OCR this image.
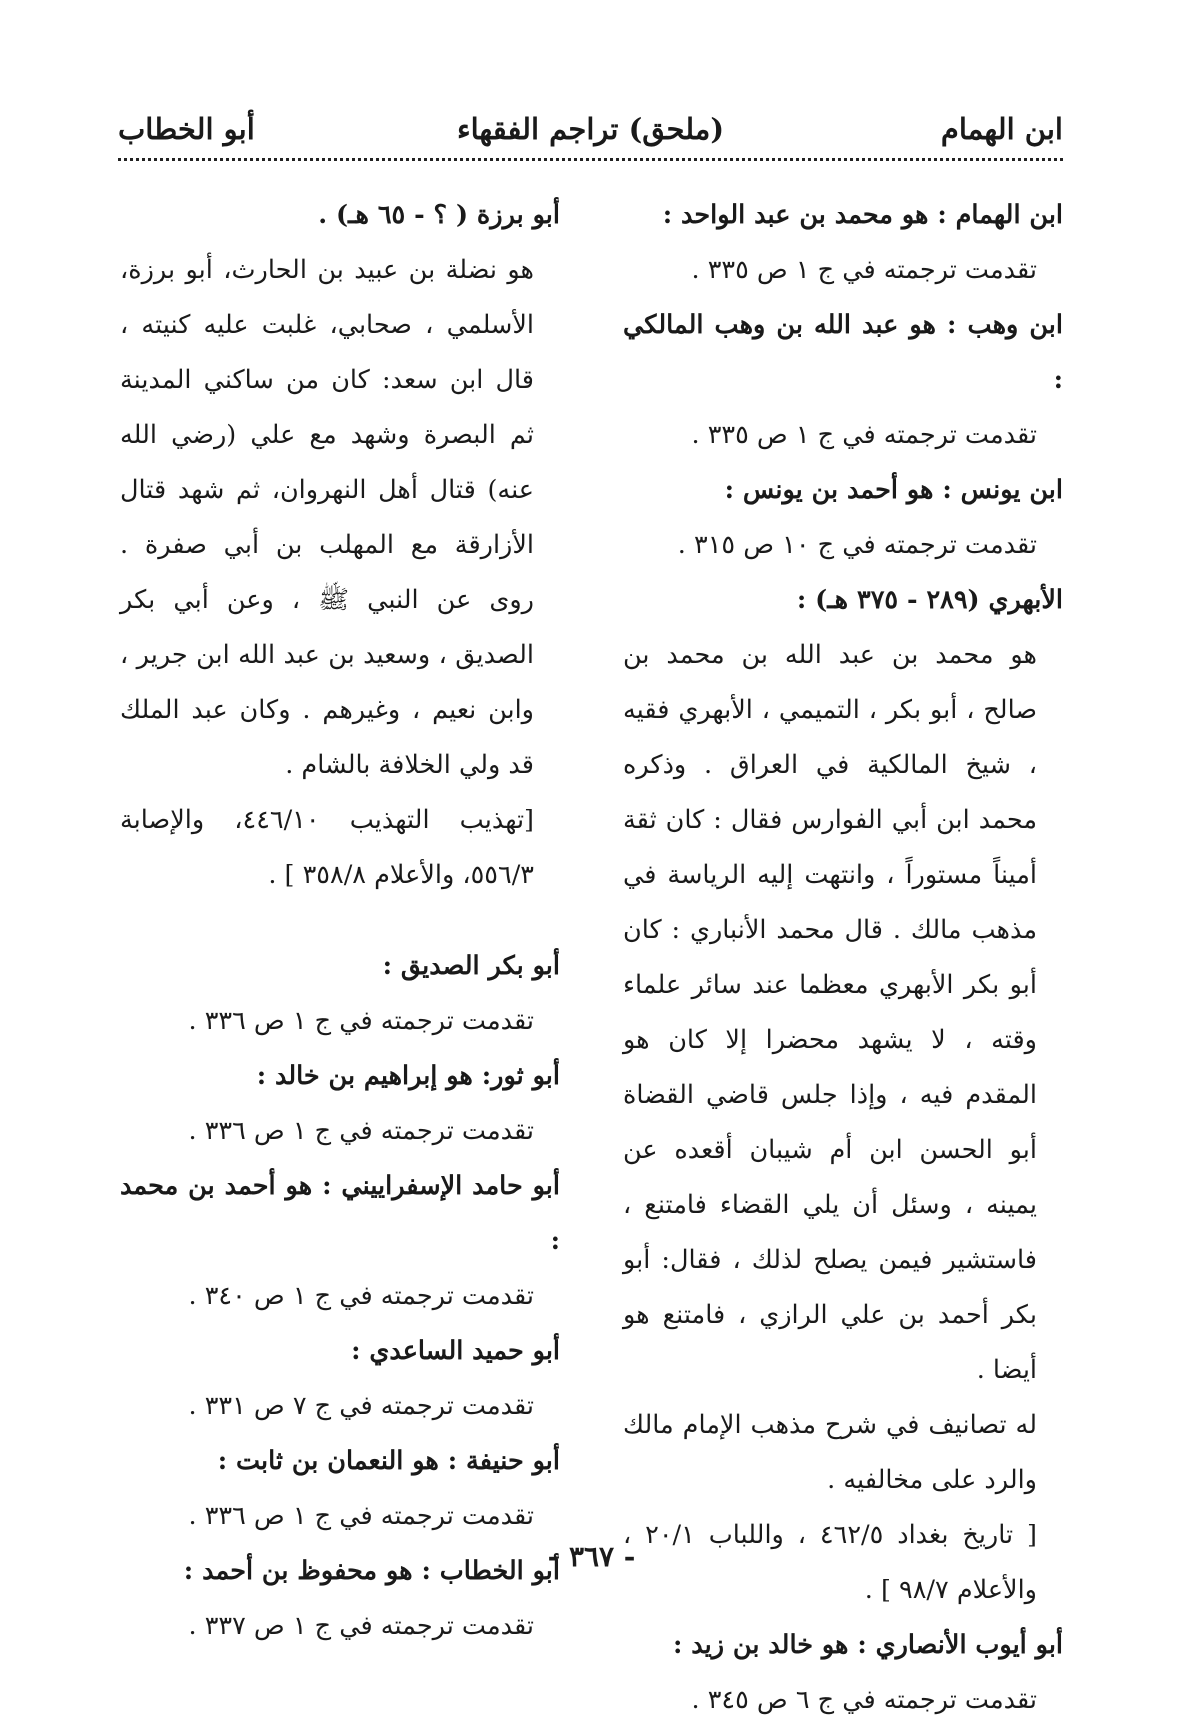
ابن الهمام
(ملحق) تراجم الفقهاء
أبو الخطاب

ابن الهمام : هو محمد بن عبد الواحد :

تقدمت ترجمته في ج ١ ص ٣٣٥ .

ابن وهب : هو عبد الله بن وهب المالكي :

تقدمت ترجمته في ج ١ ص ٣٣٥ .

ابن يونس : هو أحمد بن يونس :

تقدمت ترجمته في ج ١٠ ص ٣١٥ .

الأبهري (٢٨٩ - ٣٧٥ هـ) :

هو محمد بن عبد الله بن محمد بن صالح ، أبو بكر ، التميمي ، الأبهري فقيه ، شيخ المالكية في العراق . وذكره محمد ابن أبي الفوارس فقال : كان ثقة أميناً مستوراً ، وانتهت إليه الرياسة في مذهب مالك . قال محمد الأنباري : كان أبو بكر الأبهري معظما عند سائر علماء وقته ، لا يشهد محضرا إلا كان هو المقدم فيه ، وإذا جلس قاضي القضاة أبو الحسن ابن أم شيبان أقعده عن يمينه ، وسئل أن يلي القضاء فامتنع ، فاستشير فيمن يصلح لذلك ، فقال: أبو بكر أحمد بن علي الرازي ، فامتنع هو أيضا .

له تصانيف في شرح مذهب الإمام مالك والرد على مخالفيه .

[ تاريخ بغداد ٤٦٢/٥ ، واللباب ٢٠/١ ، والأعلام ٩٨/٧ ] .

أبو أيوب الأنصاري : هو خالد بن زيد :

تقدمت ترجمته في ج ٦ ص ٣٤٥ .

أبو برزة ( ؟ - ٦٥ هـ) .

هو نضلة بن عبيد بن الحارث، أبو برزة، الأسلمي ، صحابي، غلبت عليه كنيته ، قال ابن سعد: كان من ساكني المدينة ثم البصرة وشهد مع علي (رضي الله عنه) قتال أهل النهروان، ثم شهد قتال الأزارقة مع المهلب بن أبي صفرة . روى عن النبي ﷺ ، وعن أبي بكر الصديق ، وسعيد بن عبد الله ابن جرير ، وابن نعيم ، وغيرهم . وكان عبد الملك قد ولي الخلافة بالشام .

[تهذيب التهذيب ٤٤٦/١٠، والإصابة ٥٥٦/٣، والأعلام ٣٥٨/٨ ] .

أبو بكر الصديق :

تقدمت ترجمته في ج ١ ص ٣٣٦ .

أبو ثور: هو إبراهيم بن خالد :

تقدمت ترجمته في ج ١ ص ٣٣٦ .

أبو حامد الإسفراييني : هو أحمد بن محمد :

تقدمت ترجمته في ج ١ ص ٣٤٠ .

أبو حميد الساعدي :

تقدمت ترجمته في ج ٧ ص ٣٣١ .

أبو حنيفة : هو النعمان بن ثابت :

تقدمت ترجمته في ج ١ ص ٣٣٦ .

أبو الخطاب : هو محفوظ بن أحمد :

تقدمت ترجمته في ج ١ ص ٣٣٧ .

- ٣٦٧ -
